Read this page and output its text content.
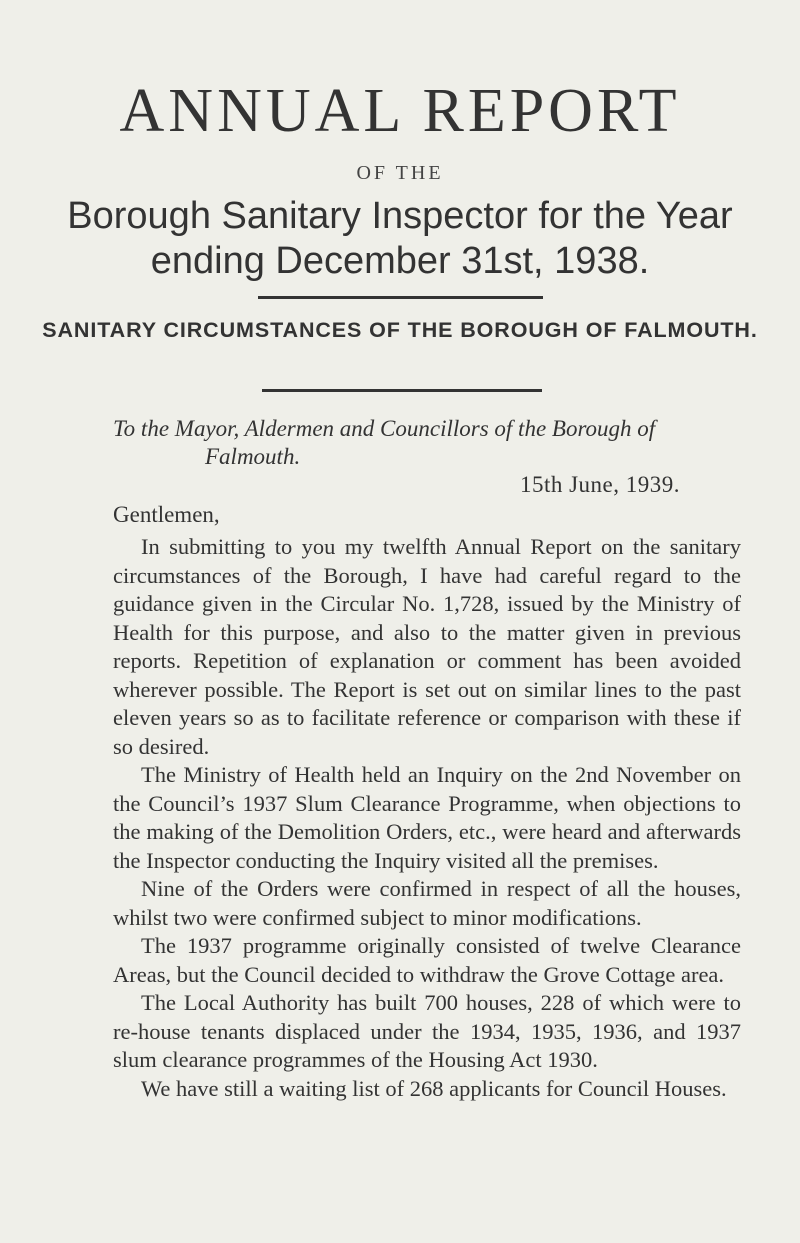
ANNUAL REPORT
OF THE
Borough Sanitary Inspector for the Year ending December 31st, 1938.
SANITARY CIRCUMSTANCES OF THE BOROUGH OF FALMOUTH.
To the Mayor, Aldermen and Councillors of the Borough of
Falmouth.
15th June, 1939.
Gentlemen,

In submitting to you my twelfth Annual Report on the sanitary circumstances of the Borough, I have had careful regard to the guidance given in the Circular No. 1,728, issued by the Ministry of Health for this purpose, and also to the matter given in previous reports. Repetition of explanation or comment has been avoided wherever possible. The Report is set out on similar lines to the past eleven years so as to facilitate reference or comparison with these if so desired.

The Ministry of Health held an Inquiry on the 2nd November on the Council’s 1937 Slum Clearance Programme, when objections to the making of the Demolition Orders, etc., were heard and afterwards the Inspector conducting the Inquiry visited all the premises.

Nine of the Orders were confirmed in respect of all the houses, whilst two were confirmed subject to minor modifications.

The 1937 programme originally consisted of twelve Clearance Areas, but the Council decided to withdraw the Grove Cottage area.

The Local Authority has built 700 houses, 228 of which were to re-house tenants displaced under the 1934, 1935, 1936, and 1937 slum clearance programmes of the Housing Act 1930.

We have still a waiting list of 268 applicants for Council Houses.
